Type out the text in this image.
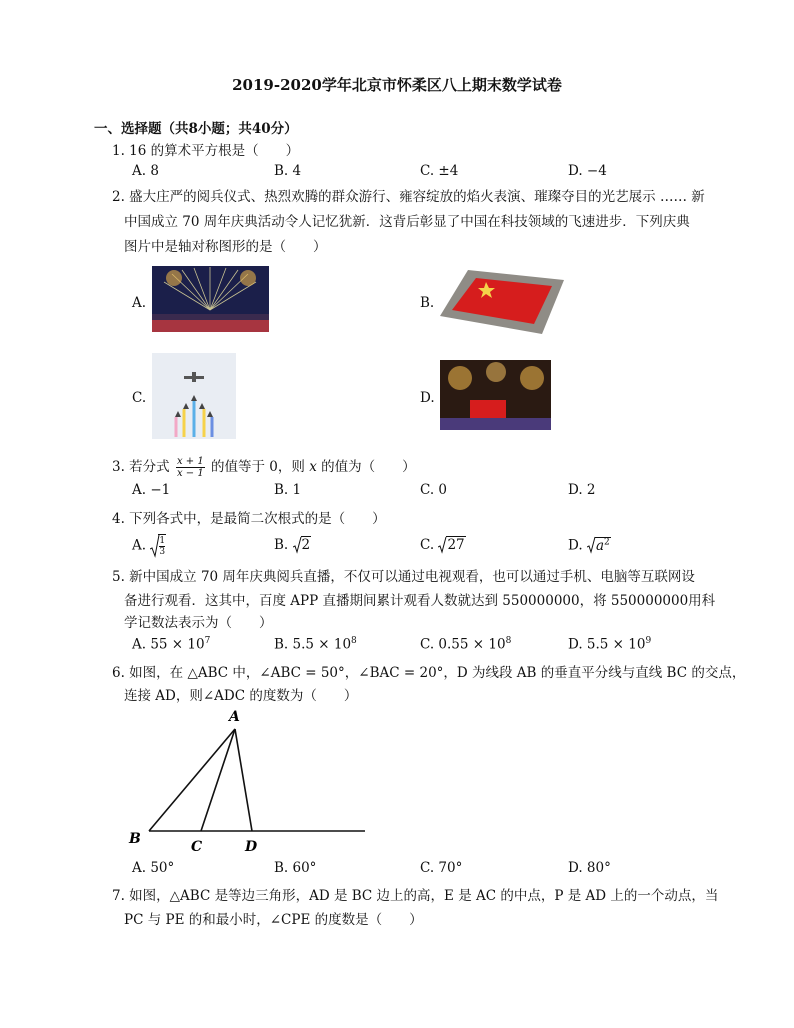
2019-2020学年北京市怀柔区八上期末数学试卷
一、选择题（共8小题；共40分）
1. 16 的算术平方根是（　　）
A. 8	B. 4	C. ±4	D. −4
2. 盛大庄严的阅兵仪式、热烈欢腾的群众游行、雍容绽放的焰火表演、璀璨夺目的光艺展示 …… 新
中国成立 70 周年庆典活动令人记忆犹新．这背后彰显了中国在科技领域的飞速进步．下列庆典
图片中是轴对称图形的是（　　）
A.	B.
C.	D.
3. 若分式 $\frac{x + 1}{x - 1}$ 的值等于 0，则 x 的值为（　　）
A. −1	B. 1	C. 0	D. 2
4. 下列各式中，是最简二次根式的是（　　）
A. $\frac{1}{3}$	B. 2	C. 27	D. $a^2$
5. 新中国成立 70 周年庆典阅兵直播，不仅可以通过电视观看，也可以通过手机、电脑等互联网设
备进行观看．这其中，百度 APP 直播期间累计观看人数就达到 550000000，将 550000000用科
学记数法表示为（　　）
A. $55 \times 10^7$	B. $5.5 \times 10^8$	C. $0.55 \times 10^8$	D. $5.5 \times 10^9$
6. 如图，在 △ABC 中，∠ABC = 50°，∠BAC = 20°，D 为线段 AB 的垂直平分线与直线 BC 的交点，
连接 AD，则∠ADC 的度数为（　　）
A
B	C	D
A. 50°	B. 60°	C. 70°	D. 80°
7. 如图，△ABC 是等边三角形，AD 是 BC 边上的高，E 是 AC 的中点，P 是 AD 上的一个动点，当
PC 与 PE 的和最小时，∠CPE 的度数是（　　）
